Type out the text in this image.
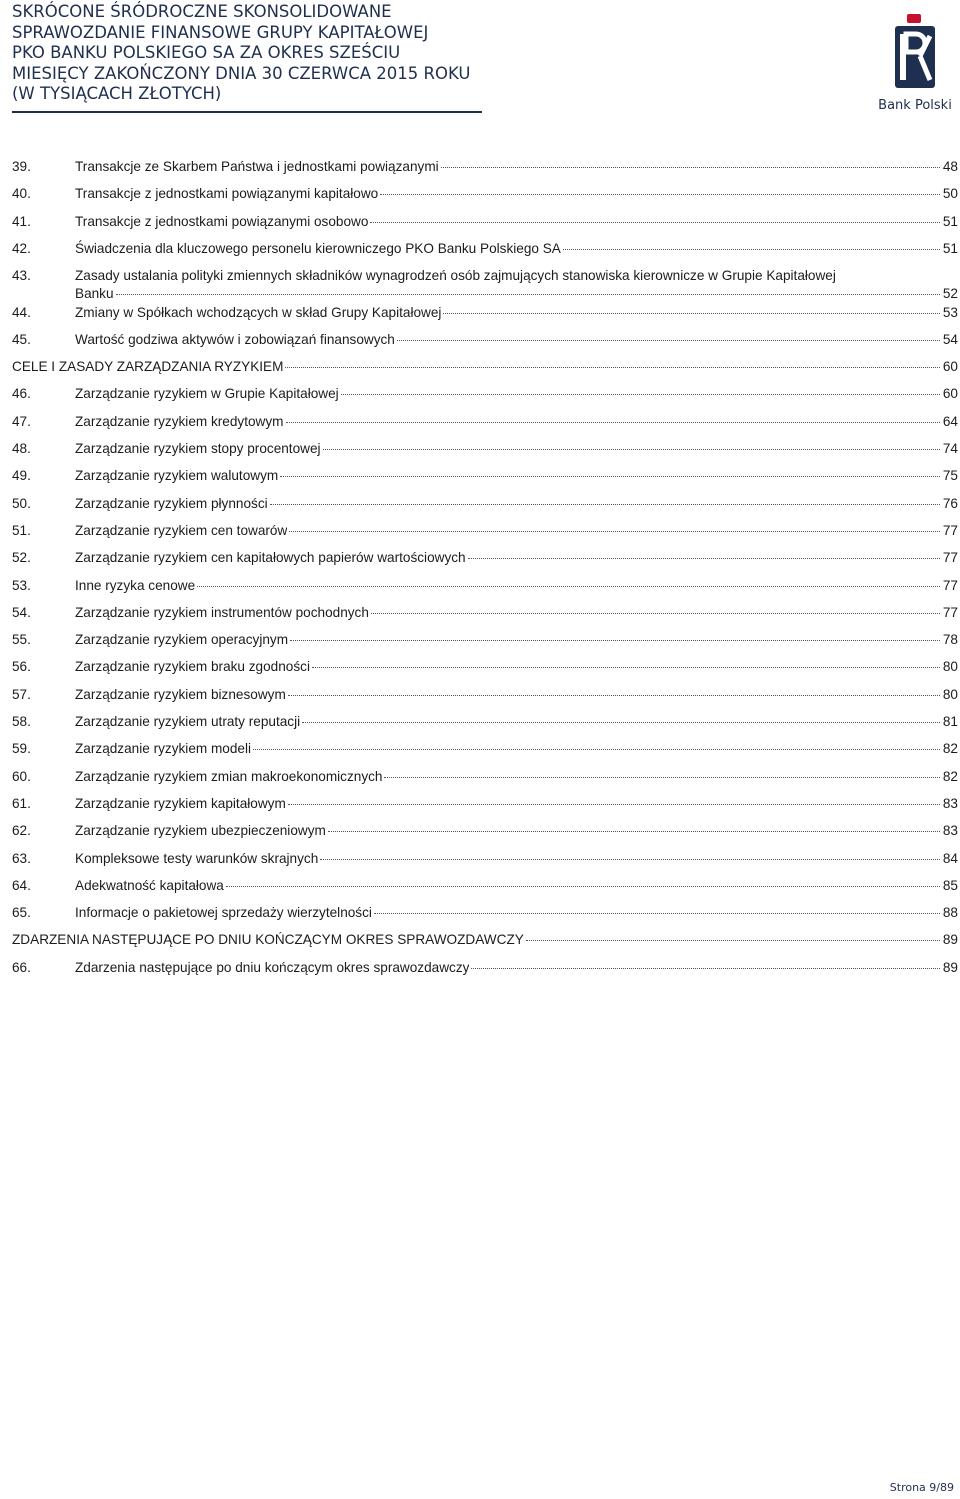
SKRÓCONE ŚRÓDROCZNE SKONSOLIDOWANE
SPRAWOZDANIE FINANSOWE GRUPY KAPITAŁOWEJ
PKO BANKU POLSKIEGO SA ZA OKRES SZEŚCIU
MIESIĘCY ZAKOŃCZONY DNIA 30 CZERWCA 2015 ROKU
(W TYSIĄCACH ZŁOTYCH)
Bank Polski
39.	Transakcje ze Skarbem Państwa i jednostkami powiązanymi	48
40.	Transakcje z jednostkami powiązanymi kapitałowo	50
41.	Transakcje z jednostkami powiązanymi osobowo	51
42.	Świadczenia dla kluczowego personelu kierowniczego PKO Banku Polskiego SA	51
43.	Zasady ustalania polityki zmiennych składników wynagrodzeń osób zajmujących stanowiska kierownicze w Grupie Kapitałowej
Banku	52
44.	Zmiany w Spółkach wchodzących w skład Grupy Kapitałowej	53
45.	Wartość godziwa aktywów i zobowiązań finansowych	54
CELE I ZASADY ZARZĄDZANIA RYZYKIEM	60
46.	Zarządzanie ryzykiem w Grupie Kapitałowej	60
47.	Zarządzanie ryzykiem kredytowym	64
48.	Zarządzanie ryzykiem stopy procentowej	74
49.	Zarządzanie ryzykiem walutowym	75
50.	Zarządzanie ryzykiem płynności	76
51.	Zarządzanie ryzykiem cen towarów	77
52.	Zarządzanie ryzykiem cen kapitałowych papierów wartościowych	77
53.	Inne ryzyka cenowe	77
54.	Zarządzanie ryzykiem instrumentów pochodnych	77
55.	Zarządzanie ryzykiem operacyjnym	78
56.	Zarządzanie ryzykiem braku zgodności	80
57.	Zarządzanie ryzykiem biznesowym	80
58.	Zarządzanie ryzykiem utraty reputacji	81
59.	Zarządzanie ryzykiem modeli	82
60.	Zarządzanie ryzykiem zmian makroekonomicznych	82
61.	Zarządzanie ryzykiem kapitałowym	83
62.	Zarządzanie ryzykiem ubezpieczeniowym	83
63.	Kompleksowe testy warunków skrajnych	84
64.	Adekwatność kapitałowa	85
65.	Informacje o pakietowej sprzedaży wierzytelności	88
ZDARZENIA NASTĘPUJĄCE PO DNIU KOŃCZĄCYM OKRES SPRAWOZDAWCZY	89
66.	Zdarzenia następujące po dniu kończącym okres sprawozdawczy	89
Strona 9/89
